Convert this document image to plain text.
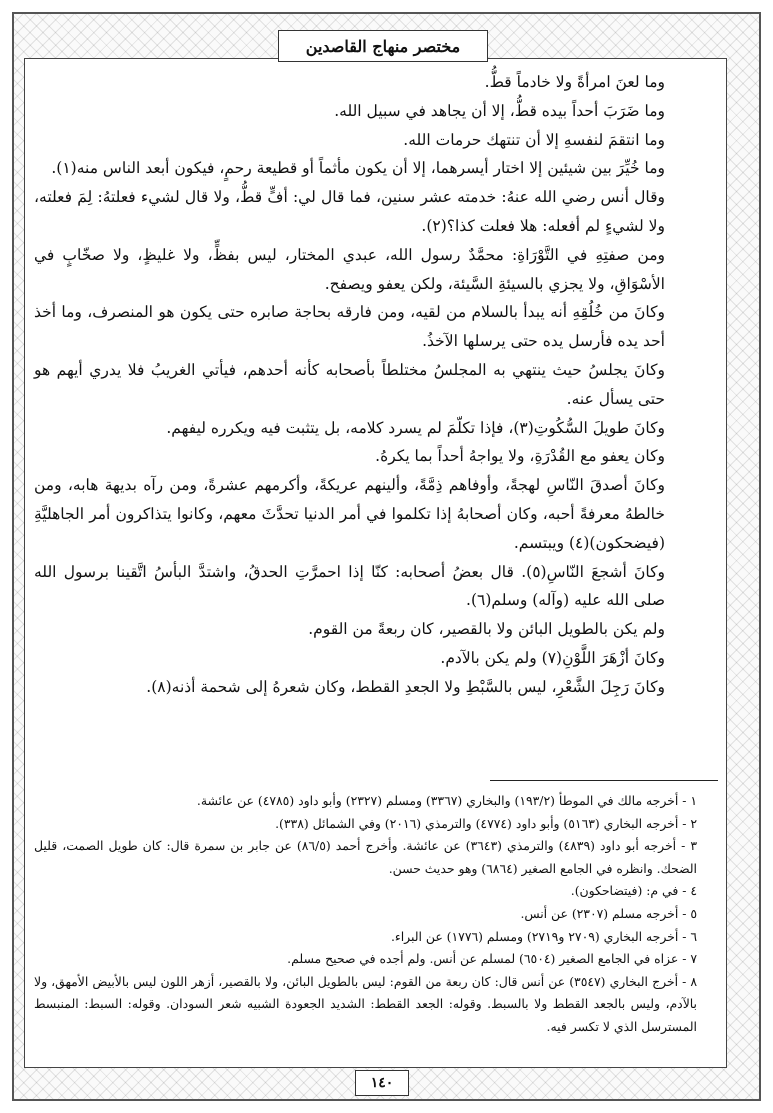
مختصر منهاج القاصدين

وما لعنَ امرأةً ولا خادماً قطُّ.

وما ضَرَبَ أحداً بيده قطُّ، إلا أن يجاهد في سبيل الله.

وما انتقمَ لنفسهِ إلا أن تنتهك حرمات الله.

وما خُيِّرَ بين شيئين إلا اختار أيسرهما، إلا أن يكون مأثماً أو قطيعة رحمٍ، فيكون أبعد الناس منه(١).

وقال أنس رضي الله عنهُ: خدمته عشر سنين، فما قال لي: أفٍّ قطُّ، ولا قال لشيء فعلتهُ: لِمَ فعلته، ولا لشيءٍ لم أفعله: هلا فعلت كذا؟(٢).

ومن صفتِهِ في التَّوْرَاةِ: محمَّدٌ رسول الله، عبدي المختار، ليس بفظٍّ، ولا غليظٍ، ولا صخّابٍ في الأسْوَاقِ، ولا يجزي بالسيئةِ السَّيئة، ولكن يعفو ويصفح.

وكانَ من خُلُقِهِ أنه يبدأ بالسلام من لقيه، ومن فارقه بحاجة صابره حتى يكون هو المنصرف، وما أخذ أحد يده فأرسل يده حتى يرسلها الآخذُ.

وكانَ يجلسُ حيث ينتهي به المجلسُ مختلطاً بأصحابه كأنه أحدهم، فيأتي الغريبُ فلا يدري أيهم هو حتى يسأل عنه.

وكانَ طويلَ السُّكُوتِ(٣)، فإذا تكلّمَ لم يسرد كلامه، بل يتثبت فيه ويكرره ليفهم.

وكان يعفو مع القُدْرَةِ، ولا يواجهُ أحداً بما يكرهُ.

وكانَ أصدقَ النّاسِ لهجةً، وأوفاهم ذِمَّةً، وألينهم عريكةً، وأكرمهم عشرةً، ومن رآه بديهة هابه، ومن خالطهُ معرفةً أحبه، وكان أصحابهُ إذا تكلموا في أمر الدنيا تحدَّثَ معهم، وكانوا يتذاكرون أمر الجاهليَّةِ (فيضحكون)(٤) ويبتسم.

وكانَ أشجعَ النّاسِ(٥). قال بعضُ أصحابه: كنّا إذا احمرَّتِ الحدقُ، واشتدَّ البأسُ اتَّقينا برسول الله صلى الله عليه (وآله) وسلم(٦).

ولم يكن بالطويل البائن ولا بالقصير، كان ربعةً من القوم.

وكانَ أزْهَرَ اللَّوْنِ(٧) ولم يكن بالآدم.

وكانَ رَجِلَ الشَّعْرِ، ليس بالسَّبْطِ ولا الجعدِ القطط، وكان شعرهُ إلى شحمة أذنه(٨).

١ - أخرجه مالك في الموطأ (١٩٣/٢) والبخاري (٣٣٦٧) ومسلم (٢٣٢٧) وأبو داود (٤٧٨٥) عن عائشة.

٢ - أخرجه البخاري (٥١٦٣) وأبو داود (٤٧٧٤) والترمذي (٢٠١٦) وفي الشمائل (٣٣٨).

٣ - أخرجه أبو داود (٤٨٣٩) والترمذي (٣٦٤٣) عن عائشة. وأخرج أحمد (٨٦/٥) عن جابر بن سمرة قال: كان طويل الصمت، قليل الضحك. وانظره في الجامع الصغير (٦٨٦٤) وهو حديث حسن.

٤ - في م: (فيتضاحكون).

٥ - أخرجه مسلم (٢٣٠٧) عن أنس.

٦ - أخرجه البخاري (٢٧٠٩ و٢٧١٩) ومسلم (١٧٧٦) عن البراء.

٧ - عزاه في الجامع الصغير (٦٥٠٤) لمسلم عن أنس. ولم أجده في صحيح مسلم.

٨ - أخرج البخاري (٣٥٤٧) عن أنس قال: كان ربعة من القوم: ليس بالطويل البائن، ولا بالقصير، أزهر اللون ليس بالأبيض الأمهق، ولا بالآدم، وليس بالجعد القطط ولا بالسبط. وقوله: الجعد القطط: الشديد الجعودة الشبيه شعر السودان. وقوله: السبط: المنبسط المسترسل الذي لا تكسر فيه.

١٤٠
